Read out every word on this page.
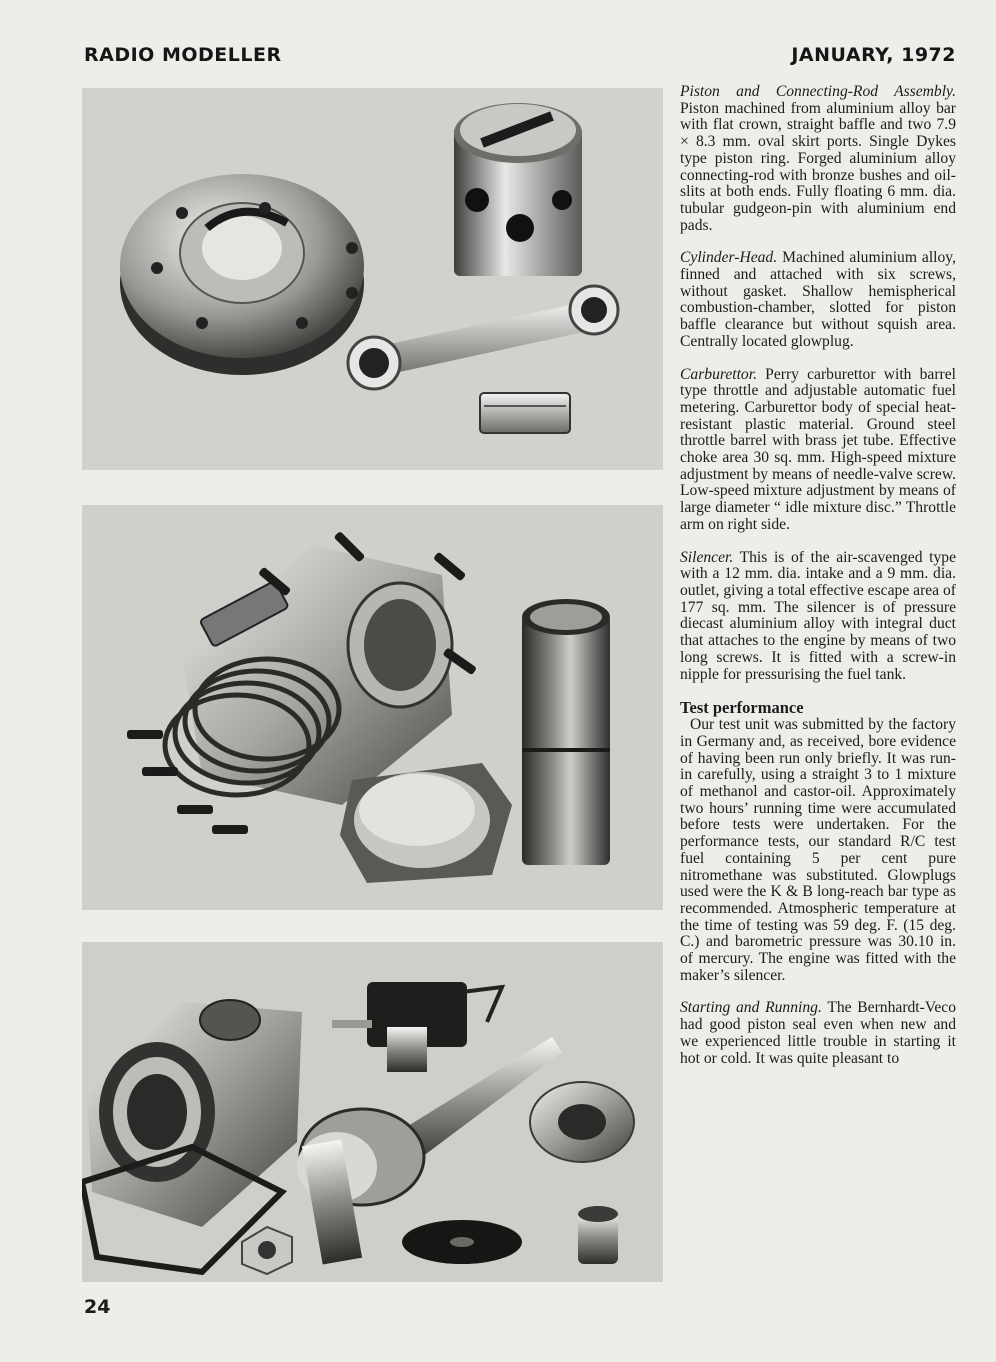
RADIO MODELLER	JANUARY, 1972

Piston and Connecting-Rod Assembly. Piston machined from aluminium alloy bar with flat crown, straight baffle and two 7.9 × 8.3 mm. oval skirt ports. Single Dykes type piston ring. Forged aluminium alloy connecting-rod with bronze bushes and oil-slits at both ends. Fully floating 6 mm. dia. tubular gudgeon-pin with aluminium end pads.

Cylinder-Head. Machined aluminium alloy, finned and attached with six screws, without gasket. Shallow hemispherical combustion-chamber, slotted for piston baffle clearance but without squish area. Centrally located glowplug.

Carburettor. Perry carburettor with barrel type throttle and adjustable automatic fuel metering. Carburettor body of special heat-resistant plastic material. Ground steel throttle barrel with brass jet tube. Effective choke area 30 sq. mm. High-speed mixture adjustment by means of needle-valve screw. Low-speed mixture adjustment by means of large diameter “ idle mixture disc.” Throttle arm on right side.

Silencer. This is of the air-scavenged type with a 12 mm. dia. intake and a 9 mm. dia. outlet, giving a total effective escape area of 177 sq. mm. The silencer is of pressure diecast aluminium alloy with integral duct that attaches to the engine by means of two long screws. It is fitted with a screw-in nipple for pressurising the fuel tank.

Test performance

Our test unit was submitted by the factory in Germany and, as received, bore evidence of having been run only briefly. It was run-in carefully, using a straight 3 to 1 mixture of methanol and castor-oil. Approximately two hours’ running time were accumulated before tests were undertaken. For the performance tests, our standard R/C test fuel containing 5 per cent pure nitromethane was substituted. Glowplugs used were the K & B long-reach bar type as recommended. Atmospheric temperature at the time of testing was 59 deg. F. (15 deg. C.) and barometric pressure was 30.10 in. of mercury. The engine was fitted with the maker’s silencer.

Starting and Running. The Bernhardt-Veco had good piston seal even when new and we experienced little trouble in starting it hot or cold. It was quite pleasant to

24
